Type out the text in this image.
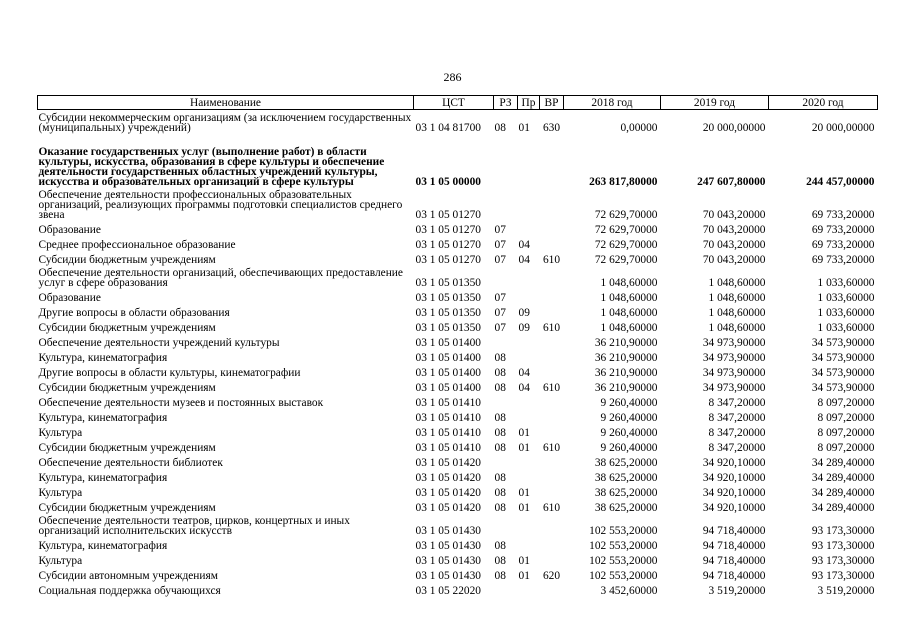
286
Наименование	ЦСТ	РЗ	Пр	ВР	2018 год	2019 год	2020 год
Субсидии некоммерческим организациям (за исключением государственных (муниципальных) учреждений)	03 1 04 81700	08	01	630	0,00000	20 000,00000	20 000,00000
Оказание государственных услуг (выполнение работ) в области культуры, искусства, образования в сфере культуры и обеспечение деятельности государственных областных учреждений культуры, искусства и образовательных организаций в сфере культуры	03 1 05 00000				263 817,80000	247 607,80000	244 457,00000
Обеспечение деятельности профессиональных образовательных организаций, реализующих программы подготовки специалистов среднего звена	03 1 05 01270				72 629,70000	70 043,20000	69 733,20000
Образование	03 1 05 01270	07			72 629,70000	70 043,20000	69 733,20000
Среднее профессиональное образование	03 1 05 01270	07	04		72 629,70000	70 043,20000	69 733,20000
Субсидии бюджетным учреждениям	03 1 05 01270	07	04	610	72 629,70000	70 043,20000	69 733,20000
Обеспечение деятельности организаций, обеспечивающих предоставление услуг в сфере образования	03 1 05 01350				1 048,60000	1 048,60000	1 033,60000
Образование	03 1 05 01350	07			1 048,60000	1 048,60000	1 033,60000
Другие вопросы в области образования	03 1 05 01350	07	09		1 048,60000	1 048,60000	1 033,60000
Субсидии бюджетным учреждениям	03 1 05 01350	07	09	610	1 048,60000	1 048,60000	1 033,60000
Обеспечение деятельности учреждений культуры	03 1 05 01400				36 210,90000	34 973,90000	34 573,90000
Культура, кинематография	03 1 05 01400	08			36 210,90000	34 973,90000	34 573,90000
Другие вопросы в области культуры, кинематографии	03 1 05 01400	08	04		36 210,90000	34 973,90000	34 573,90000
Субсидии бюджетным учреждениям	03 1 05 01400	08	04	610	36 210,90000	34 973,90000	34 573,90000
Обеспечение деятельности музеев и постоянных выставок	03 1 05 01410				9 260,40000	8 347,20000	8 097,20000
Культура, кинематография	03 1 05 01410	08			9 260,40000	8 347,20000	8 097,20000
Культура	03 1 05 01410	08	01		9 260,40000	8 347,20000	8 097,20000
Субсидии бюджетным учреждениям	03 1 05 01410	08	01	610	9 260,40000	8 347,20000	8 097,20000
Обеспечение деятельности библиотек	03 1 05 01420				38 625,20000	34 920,10000	34 289,40000
Культура, кинематография	03 1 05 01420	08			38 625,20000	34 920,10000	34 289,40000
Культура	03 1 05 01420	08	01		38 625,20000	34 920,10000	34 289,40000
Субсидии бюджетным учреждениям	03 1 05 01420	08	01	610	38 625,20000	34 920,10000	34 289,40000
Обеспечение деятельности театров, цирков, концертных и иных организаций исполнительских искусств	03 1 05 01430				102 553,20000	94 718,40000	93 173,30000
Культура, кинематография	03 1 05 01430	08			102 553,20000	94 718,40000	93 173,30000
Культура	03 1 05 01430	08	01		102 553,20000	94 718,40000	93 173,30000
Субсидии автономным учреждениям	03 1 05 01430	08	01	620	102 553,20000	94 718,40000	93 173,30000
Социальная поддержка обучающихся	03 1 05 22020				3 452,60000	3 519,20000	3 519,20000
